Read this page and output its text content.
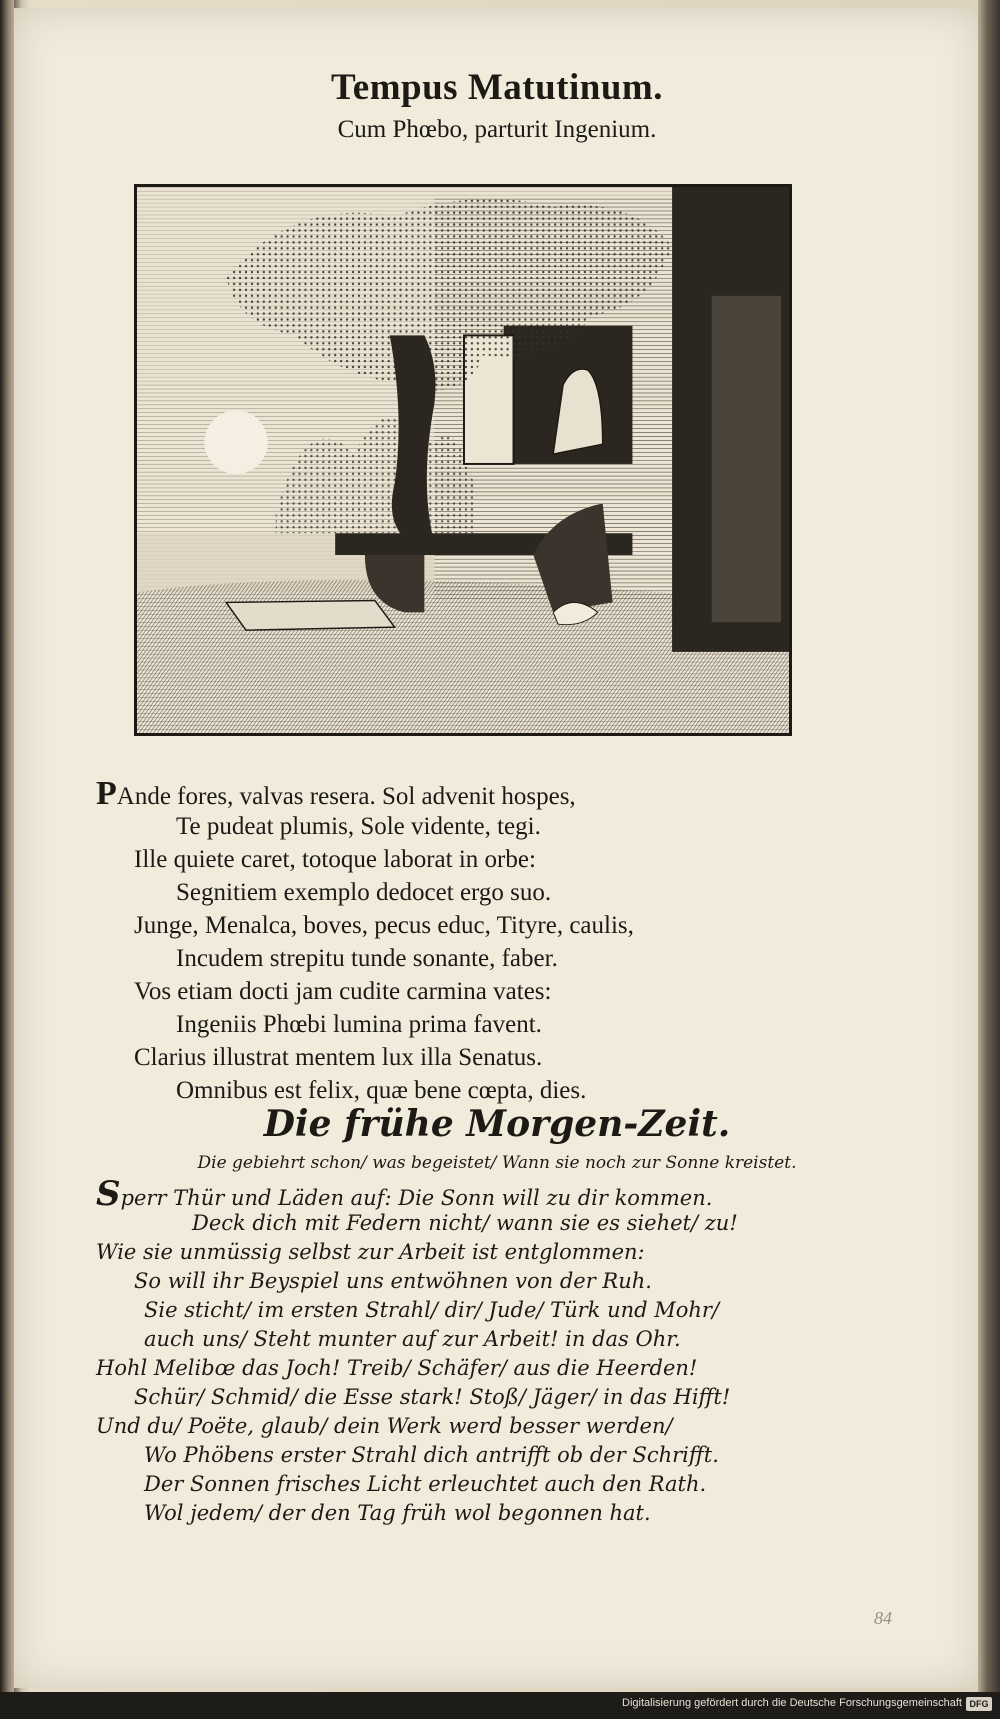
Tempus Matutinum.
Cum Phœbo, parturit Ingenium.
PAnde fores, valvas resera. Sol advenit hospes,
Te pudeat plumis, Sole vidente, tegi.
Ille quiete caret, totoque laborat in orbe:
Segnitiem exemplo dedocet ergo suo.
Junge, Menalca, boves, pecus educ, Tityre, caulis,
Incudem strepitu tunde sonante, faber.
Vos etiam docti jam cudite carmina vates:
Ingeniis Phœbi lumina prima favent.
Clarius illustrat mentem lux illa Senatus.
Omnibus est felix, quæ bene cœpta, dies.
Die frühe Morgen-Zeit.
Die gebiehrt schon/ was begeistet/ Wann sie noch zur Sonne kreistet.
Sperr Thür und Läden auf: Die Sonn will zu dir kommen.
Deck dich mit Federn nicht/ wann sie es siehet/ zu!
Wie sie unmüssig selbst zur Arbeit ist entglommen:
So will ihr Beyspiel uns entwöhnen von der Ruh.
Sie sticht/ im ersten Strahl/ dir/ Jude/ Türk und Mohr/
auch uns/ Steht munter auf zur Arbeit! in das Ohr.
Hohl Melibœ das Joch! Treib/ Schäfer/ aus die Heerden!
Schür/ Schmid/ die Esse stark! Stoß/ Jäger/ in das Hifft!
Und du/ Poëte, glaub/ dein Werk werd besser werden/
Wo Phöbens erster Strahl dich antrifft ob der Schrifft.
Der Sonnen frisches Licht erleuchtet auch den Rath.
Wol jedem/ der den Tag früh wol begonnen hat.
84
Digitalisierung gefördert durch die Deutsche Forschungsgemeinschaft DFG
